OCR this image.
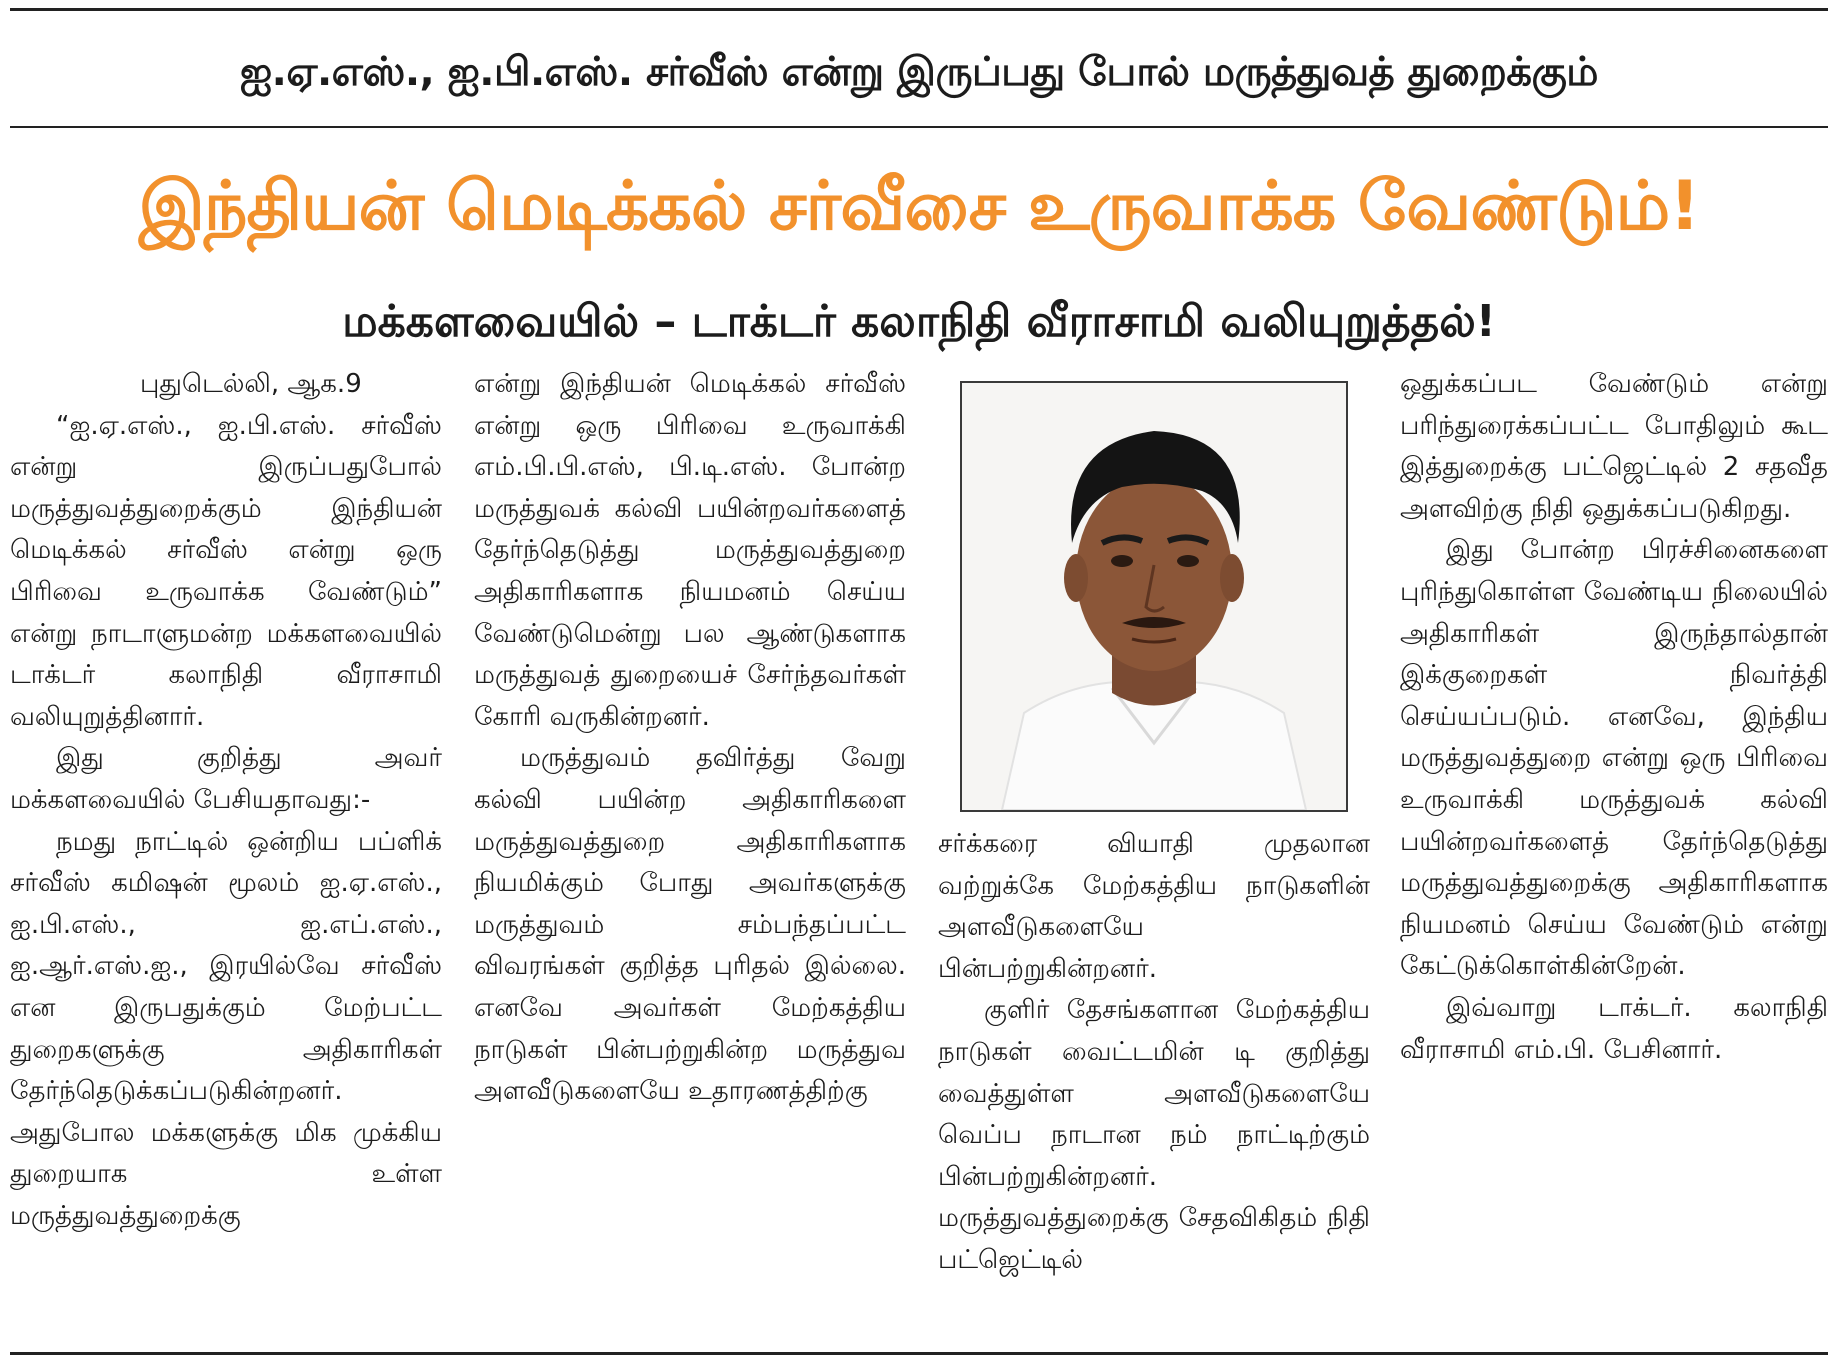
ஐ.ஏ.எஸ்., ஐ.பி.எஸ். சர்வீஸ் என்று இருப்பது போல் மருத்துவத் துறைக்கும்
இந்தியன் மெடிக்கல் சர்வீசை உருவாக்க வேண்டும்!
மக்களவையில் – டாக்டர் கலாநிதி வீராசாமி வலியுறுத்தல்!

புதுடெல்லி, ஆக.9

“ஐ.ஏ.எஸ்., ஐ.பி.எஸ். சர்வீஸ் என்று இருப்பதுபோல் மருத்துவத்துறைக்கும் இந்தியன் மெடிக்கல் சர்வீஸ் என்று ஒரு பிரிவை உருவாக்க வேண்டும்” என்று நாடாளுமன்ற மக்களவையில் டாக்டர் கலாநிதி வீராசாமி வலியுறுத்தினார்.

இது குறித்து அவர் மக்களவையில் பேசியதாவது:-

நமது நாட்டில் ஒன்றிய பப்ளிக் சர்வீஸ் கமிஷன் மூலம் ஐ.ஏ.எஸ்., ஐ.பி.எஸ்., ஐ.எப்.எஸ்., ஐ.ஆர்.எஸ்.ஐ., இரயில்வே சர்வீஸ் என இருபதுக்கும் மேற்பட்ட துறைகளுக்கு அதிகாரிகள் தேர்ந்தெடுக்கப்படுகின்றனர். அதுபோல மக்களுக்கு மிக முக்கிய துறையாக உள்ள மருத்துவத்துறைக்கு

என்று இந்தியன் மெடிக்கல் சர்வீஸ் என்று ஒரு பிரிவை உருவாக்கி எம்.பி.பி.எஸ், பி.டி.எஸ். போன்ற மருத்துவக் கல்வி பயின்றவர்களைத் தேர்ந்தெடுத்து மருத்துவத்துறை அதிகாரிகளாக நியமனம் செய்ய வேண்டுமென்று பல ஆண்டுகளாக மருத்துவத் துறையைச் சேர்ந்தவர்கள் கோரி வருகின்றனர்.

மருத்துவம் தவிர்த்து வேறு கல்வி பயின்ற அதிகாரிகளை மருத்துவத்துறை அதிகாரிகளாக நியமிக்கும் போது அவர்களுக்கு மருத்துவம் சம்பந்தப்பட்ட விவரங்கள் குறித்த புரிதல் இல்லை. எனவே அவர்கள் மேற்கத்திய நாடுகள் பின்பற்றுகின்ற மருத்துவ அளவீடுகளையே உதாரணத்திற்கு

சர்க்கரை வியாதி முதலான வற்றுக்கே மேற்கத்திய நாடுகளின் அளவீடுகளையே பின்பற்றுகின்றனர்.

குளிர் தேசங்களான மேற்கத்திய நாடுகள் வைட்டமின் டி குறித்து வைத்துள்ள அளவீடுகளையே வெப்ப நாடான நம் நாட்டிற்கும் பின்பற்றுகின்றனர். மருத்துவத்துறைக்கு சேதவிகிதம் நிதி பட்ஜெட்டில்

ஒதுக்கப்பட வேண்டும் என்று பரிந்துரைக்கப்பட்ட போதிலும் கூட இத்துறைக்கு பட்ஜெட்டில் 2 சதவீத அளவிற்கு நிதி ஒதுக்கப்படுகிறது.

இது போன்ற பிரச்சினைகளை புரிந்துகொள்ள வேண்டிய நிலையில் அதிகாரிகள் இருந்தால்தான் இக்குறைகள் நிவர்த்தி செய்யப்படும். எனவே, இந்திய மருத்துவத்துறை என்று ஒரு பிரிவை உருவாக்கி மருத்துவக் கல்வி பயின்றவர்களைத் தேர்ந்தெடுத்து மருத்துவத்துறைக்கு அதிகாரிகளாக நியமனம் செய்ய வேண்டும் என்று கேட்டுக்கொள்கின்றேன்.

இவ்வாறு டாக்டர். கலாநிதி வீராசாமி எம்.பி. பேசினார்.
